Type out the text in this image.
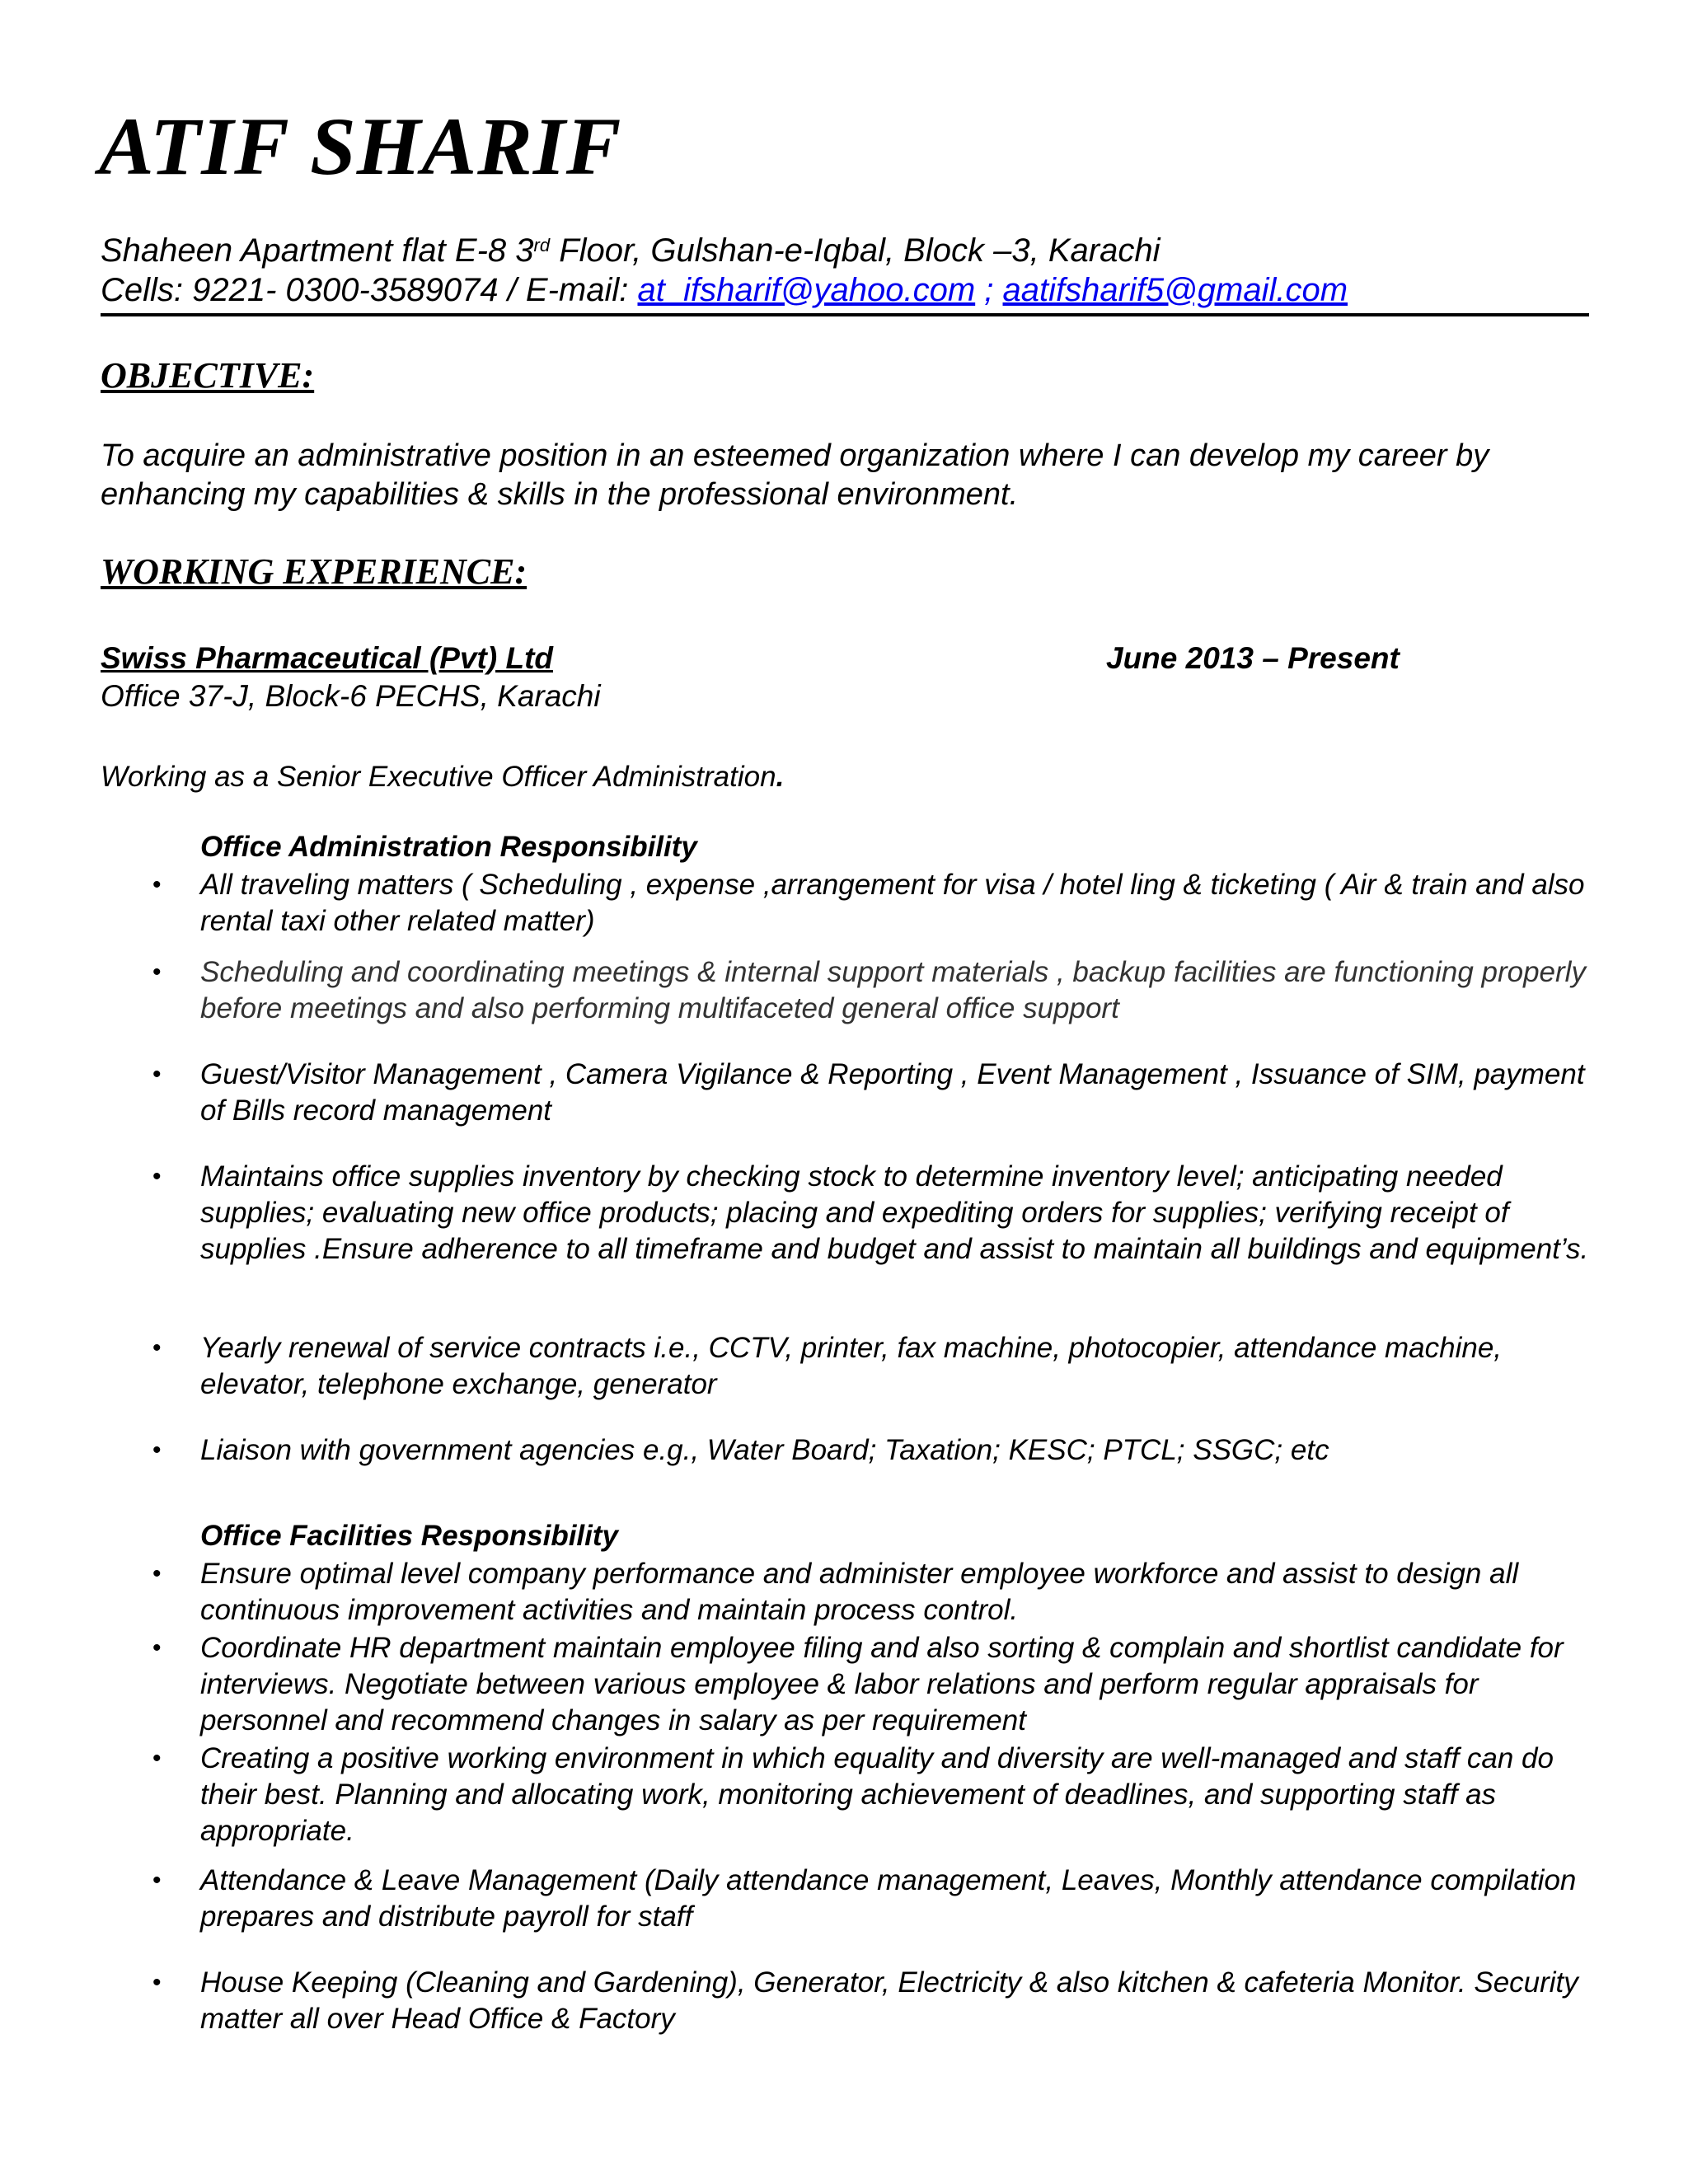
ATIF SHARIF
Shaheen Apartment flat E-8 3rd Floor, Gulshan-e-Iqbal, Block –3, Karachi
Cells: 9221- 0300-3589074 / E-mail: at_ifsharif@yahoo.com ; aatifsharif5@gmail.com
OBJECTIVE:
To acquire an administrative position in an esteemed organization where I can develop my career by enhancing my capabilities & skills in the professional environment.
WORKING EXPERIENCE:
Swiss Pharmaceutical (Pvt) Ltd	June 2013 – Present
Office 37-J, Block-6 PECHS, Karachi
Working as a Senior Executive Officer Administration.
Office Administration Responsibility
• All traveling matters ( Scheduling , expense ,arrangement for visa / hotel ling & ticketing ( Air & train and also rental taxi other related matter)
• Scheduling and coordinating meetings & internal support materials , backup facilities are functioning properly before meetings and also performing multifaceted general office support
• Guest/Visitor Management , Camera Vigilance & Reporting , Event Management , Issuance of SIM, payment of Bills record management
• Maintains office supplies inventory by checking stock to determine inventory level; anticipating needed supplies; evaluating new office products; placing and expediting orders for supplies; verifying receipt of supplies .Ensure adherence to all timeframe and budget and assist to maintain all buildings and equipment’s.
• Yearly renewal of service contracts i.e., CCTV, printer, fax machine, photocopier, attendance machine, elevator, telephone exchange, generator
• Liaison with government agencies e.g., Water Board; Taxation; KESC; PTCL; SSGC; etc
Office Facilities Responsibility
• Ensure optimal level company performance and administer employee workforce and assist to design all continuous improvement activities and maintain process control.
• Coordinate HR department maintain employee filing and also sorting & complain and shortlist candidate for interviews. Negotiate between various employee & labor relations and perform regular appraisals for personnel and recommend changes in salary as per requirement
• Creating a positive working environment in which equality and diversity are well-managed and staff can do their best. Planning and allocating work, monitoring achievement of deadlines, and supporting staff as appropriate.
• Attendance & Leave Management (Daily attendance management, Leaves, Monthly attendance compilation prepares and distribute payroll for staff
• House Keeping (Cleaning and Gardening), Generator, Electricity & also kitchen & cafeteria Monitor. Security matter all over Head Office & Factory
